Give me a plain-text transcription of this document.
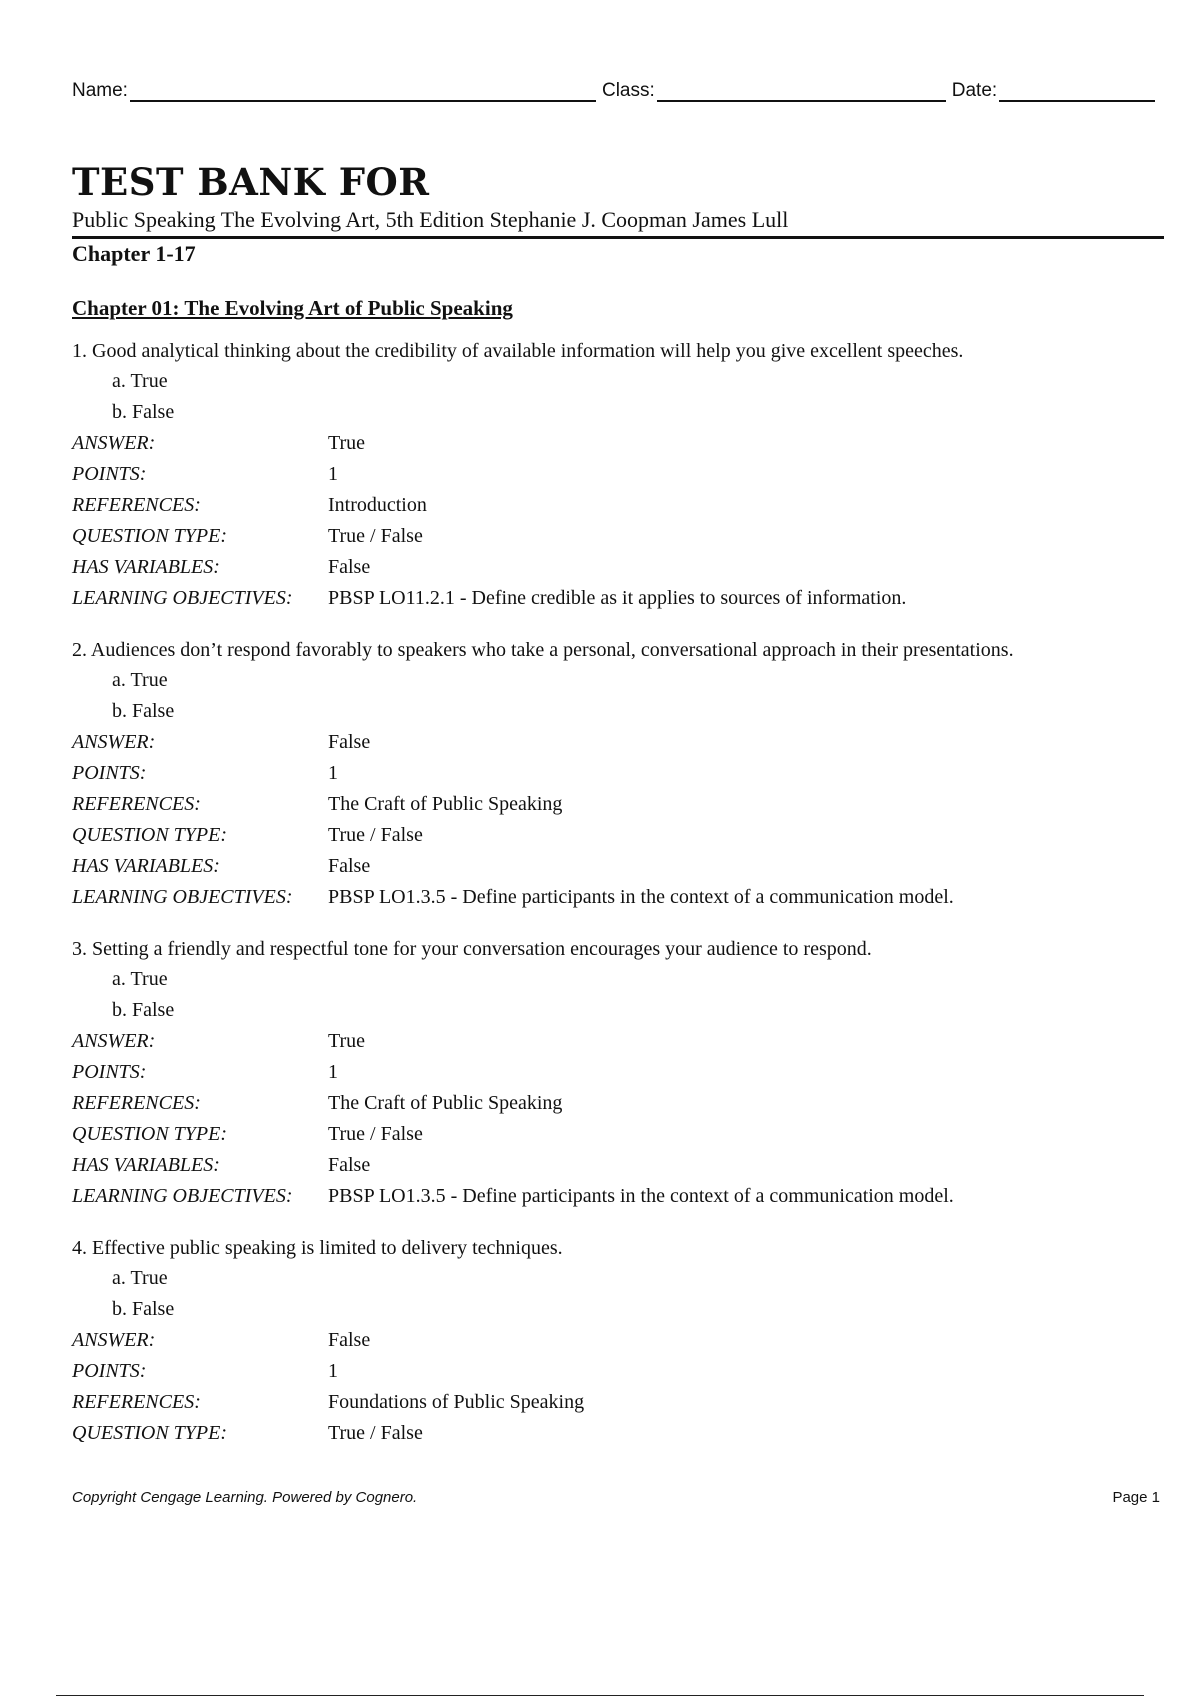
Name:	Class:	Date:
TEST BANK FOR
Public Speaking The Evolving Art, 5th Edition Stephanie J. Coopman James Lull
Chapter 1-17
Chapter 01: The Evolving Art of Public Speaking
1. Good analytical thinking about the credibility of available information will help you give excellent speeches.
a. True
b. False
ANSWER:	True
POINTS:	1
REFERENCES:	Introduction
QUESTION TYPE:	True / False
HAS VARIABLES:	False
LEARNING OBJECTIVES:	PBSP LO11.2.1 - Define credible as it applies to sources of information.
2. Audiences don’t respond favorably to speakers who take a personal, conversational approach in their presentations.
a. True
b. False
ANSWER:	False
POINTS:	1
REFERENCES:	The Craft of Public Speaking
QUESTION TYPE:	True / False
HAS VARIABLES:	False
LEARNING OBJECTIVES:	PBSP LO1.3.5 - Define participants in the context of a communication model.
3. Setting a friendly and respectful tone for your conversation encourages your audience to respond.
a. True
b. False
ANSWER:	True
POINTS:	1
REFERENCES:	The Craft of Public Speaking
QUESTION TYPE:	True / False
HAS VARIABLES:	False
LEARNING OBJECTIVES:	PBSP LO1.3.5 - Define participants in the context of a communication model.
4. Effective public speaking is limited to delivery techniques.
a. True
b. False
ANSWER:	False
POINTS:	1
REFERENCES:	Foundations of Public Speaking
QUESTION TYPE:	True / False
Copyright Cengage Learning. Powered by Cognero.	Page 1
